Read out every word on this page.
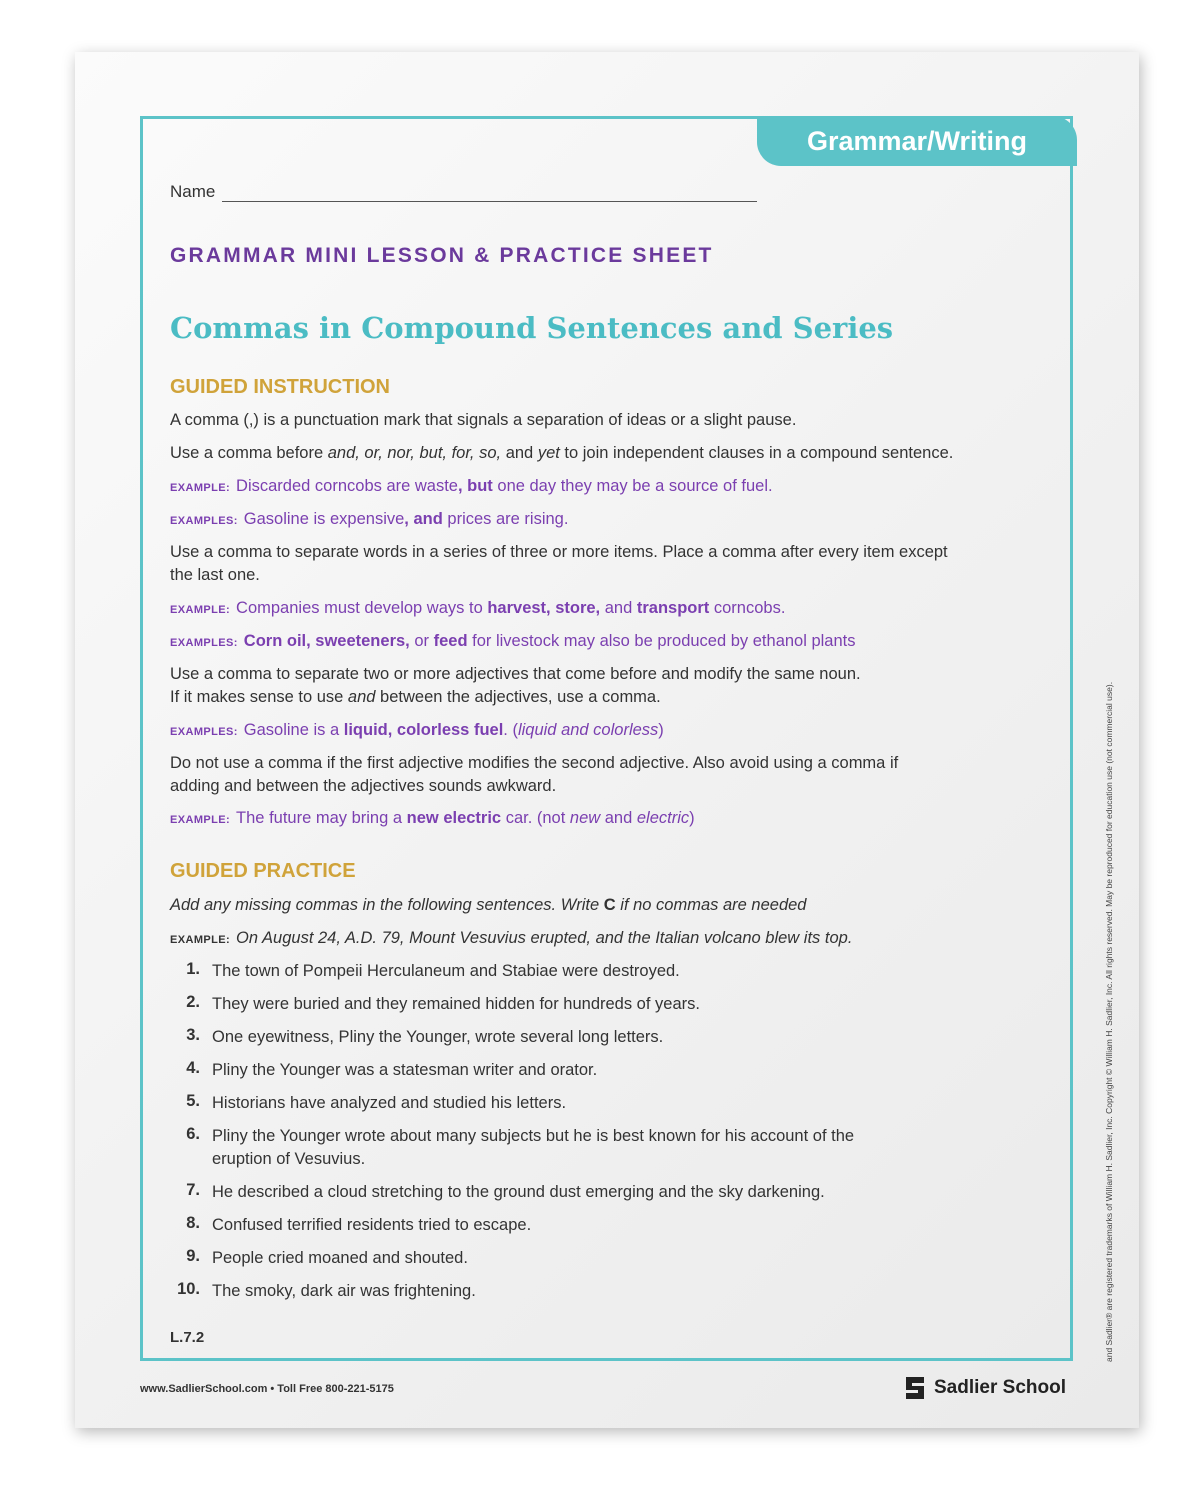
Grammar/Writing
Name
GRAMMAR MINI LESSON & PRACTICE SHEET
Commas in Compound Sentences and Series
GUIDED INSTRUCTION
A comma (,) is a punctuation mark that signals a separation of ideas or a slight pause.
Use a comma before and, or, nor, but, for, so, and yet to join independent clauses in a compound sentence.
EXAMPLE: Discarded corncobs are waste, but one day they may be a source of fuel.
EXAMPLES: Gasoline is expensive, and prices are rising.
Use a comma to separate words in a series of three or more items. Place a comma after every item except
the last one.
EXAMPLE: Companies must develop ways to harvest, store, and transport corncobs.
EXAMPLES: Corn oil, sweeteners, or feed for livestock may also be produced by ethanol plants
Use a comma to separate two or more adjectives that come before and modify the same noun.
If it makes sense to use and between the adjectives, use a comma.
EXAMPLES: Gasoline is a liquid, colorless fuel. (liquid and colorless)
Do not use a comma if the first adjective modifies the second adjective. Also avoid using a comma if
adding and between the adjectives sounds awkward.
EXAMPLE: The future may bring a new electric car. (not new and electric)
GUIDED PRACTICE
Add any missing commas in the following sentences. Write C if no commas are needed
EXAMPLE: On August 24, A.D. 79, Mount Vesuvius erupted, and the Italian volcano blew its top.
1. The town of Pompeii Herculaneum and Stabiae were destroyed.
2. They were buried and they remained hidden for hundreds of years.
3. One eyewitness, Pliny the Younger, wrote several long letters.
4. Pliny the Younger was a statesman writer and orator.
5. Historians have analyzed and studied his letters.
6. Pliny the Younger wrote about many subjects but he is best known for his account of the
eruption of Vesuvius.
7. He described a cloud stretching to the ground dust emerging and the sky darkening.
8. Confused terrified residents tried to escape.
9. People cried moaned and shouted.
10. The smoky, dark air was frightening.
L.7.2
www.SadlierSchool.com • Toll Free 800-221-5175	Sadlier School
and Sadlier® are registered trademarks of William H. Sadlier, Inc. Copyright © William H. Sadlier, Inc. All rights reserved. May be reproduced for education use (not commercial use).
